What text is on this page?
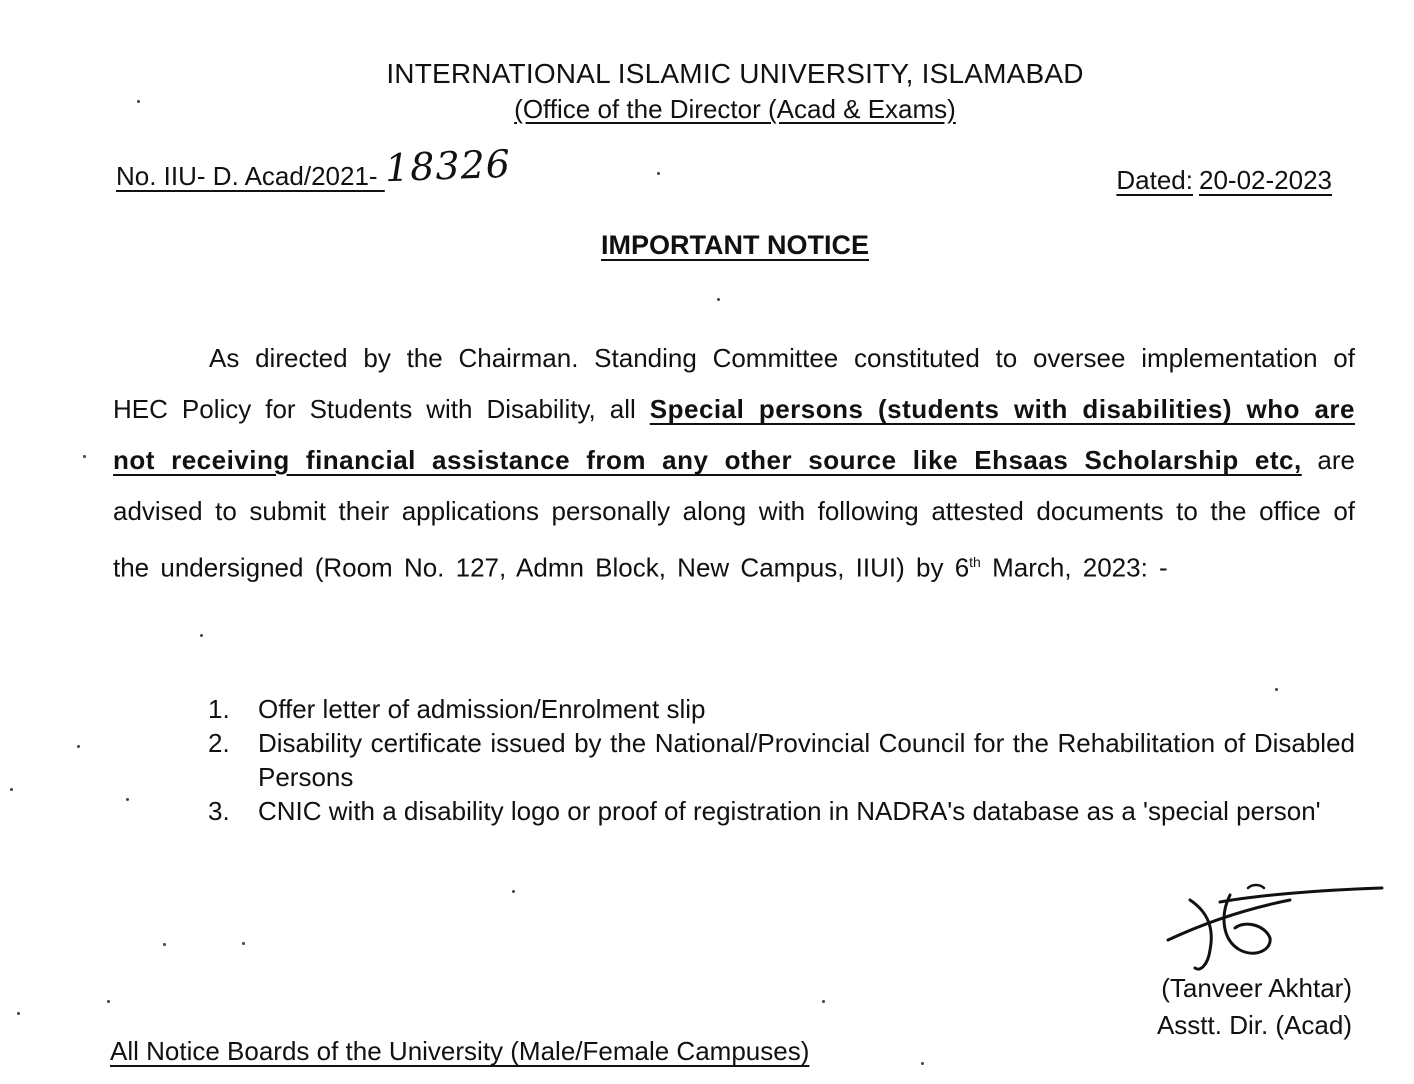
INTERNATIONAL ISLAMIC UNIVERSITY, ISLAMABAD
(Office of the Director (Acad & Exams)
No. IIU- D. Acad/2021- 18326	Dated: 20-02-2023
IMPORTANT NOTICE
As directed by the Chairman. Standing Committee constituted to oversee implementation of HEC Policy for Students with Disability, all Special persons (students with disabilities) who are not receiving financial assistance from any other source like Ehsaas Scholarship etc, are advised to submit their applications personally along with following attested documents to the office of the undersigned (Room No. 127, Admn Block, New Campus, IIUI) by 6th March, 2023: -
1. Offer letter of admission/Enrolment slip
2. Disability certificate issued by the National/Provincial Council for the Rehabilitation of Disabled Persons
3. CNIC with a disability logo or proof of registration in NADRA's database as a 'special person'
(Tanveer Akhtar)
Asstt. Dir. (Acad)
All Notice Boards of the University (Male/Female Campuses)
